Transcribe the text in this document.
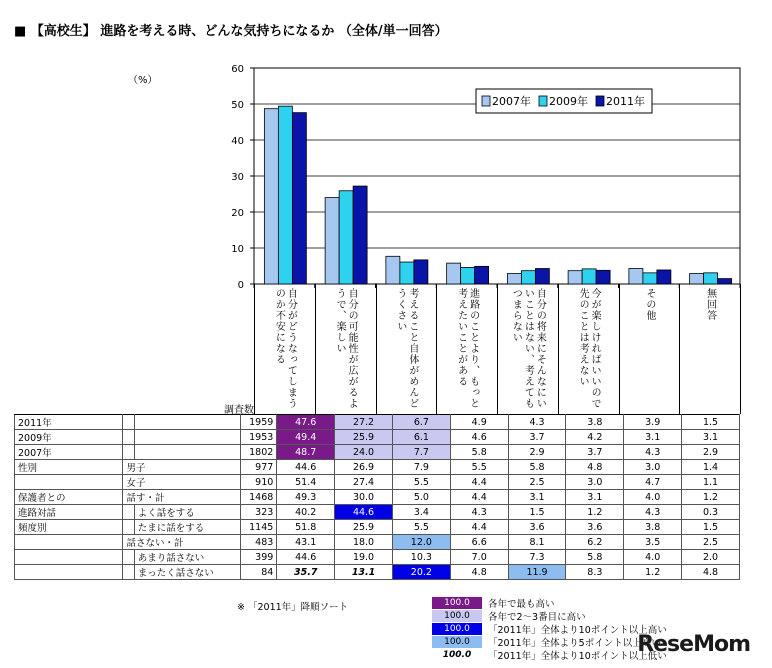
■ 【高校生】 進路を考える時、どんな気持ちになるか （全体/単一回答）
（%）
0
10
20
30
40
50
60
2007年 2009年 2011年
自分がどうなってしまうのか不安になる	自分の可能性が広がるようで、楽しい	考えること自体がめんどうくさい	進路のことより、もっと考えたいことがある	自分の将来にそんなにいいことはない、考えてもつまらない	今が楽しければいいので先のことは考えない	その他	無回答
調査数
2011年			1959	47.6	27.2	6.7	4.9	4.3	3.8	3.9	1.5
2009年			1953	49.4	25.9	6.1	4.6	3.7	4.2	3.1	3.1
2007年			1802	48.7	24.0	7.7	5.8	2.9	3.7	4.3	2.9
性別	男子		977	44.6	26.9	7.9	5.5	5.8	4.8	3.0	1.4
	女子		910	51.4	27.4	5.5	4.4	2.5	3.0	4.7	1.1
保護者との	話す・計		1468	49.3	30.0	5.0	4.4	3.1	3.1	4.0	1.2
進路対話		よく話をする	323	40.2	44.6	3.4	4.3	1.5	1.2	4.3	0.3
頻度別		たまに話をする	1145	51.8	25.9	5.5	4.4	3.6	3.6	3.8	1.5
	話さない・計		483	43.1	18.0	12.0	6.6	8.1	6.2	3.5	2.5
		あまり話さない	399	44.6	19.0	10.3	7.0	7.3	5.8	4.0	2.0
		まったく話さない	84	35.7	13.1	20.2	4.8	11.9	8.3	1.2	4.8
※ 「2011年」降順ソート	100.0	各年で最も高い
100.0	各年で2～3番目に高い
100.0	「2011年」全体より10ポイント以上高い
100.0	「2011年」全体より5ポイント以上高い
100.0	「2011年」全体より10ポイント以上低い
ReseMom
